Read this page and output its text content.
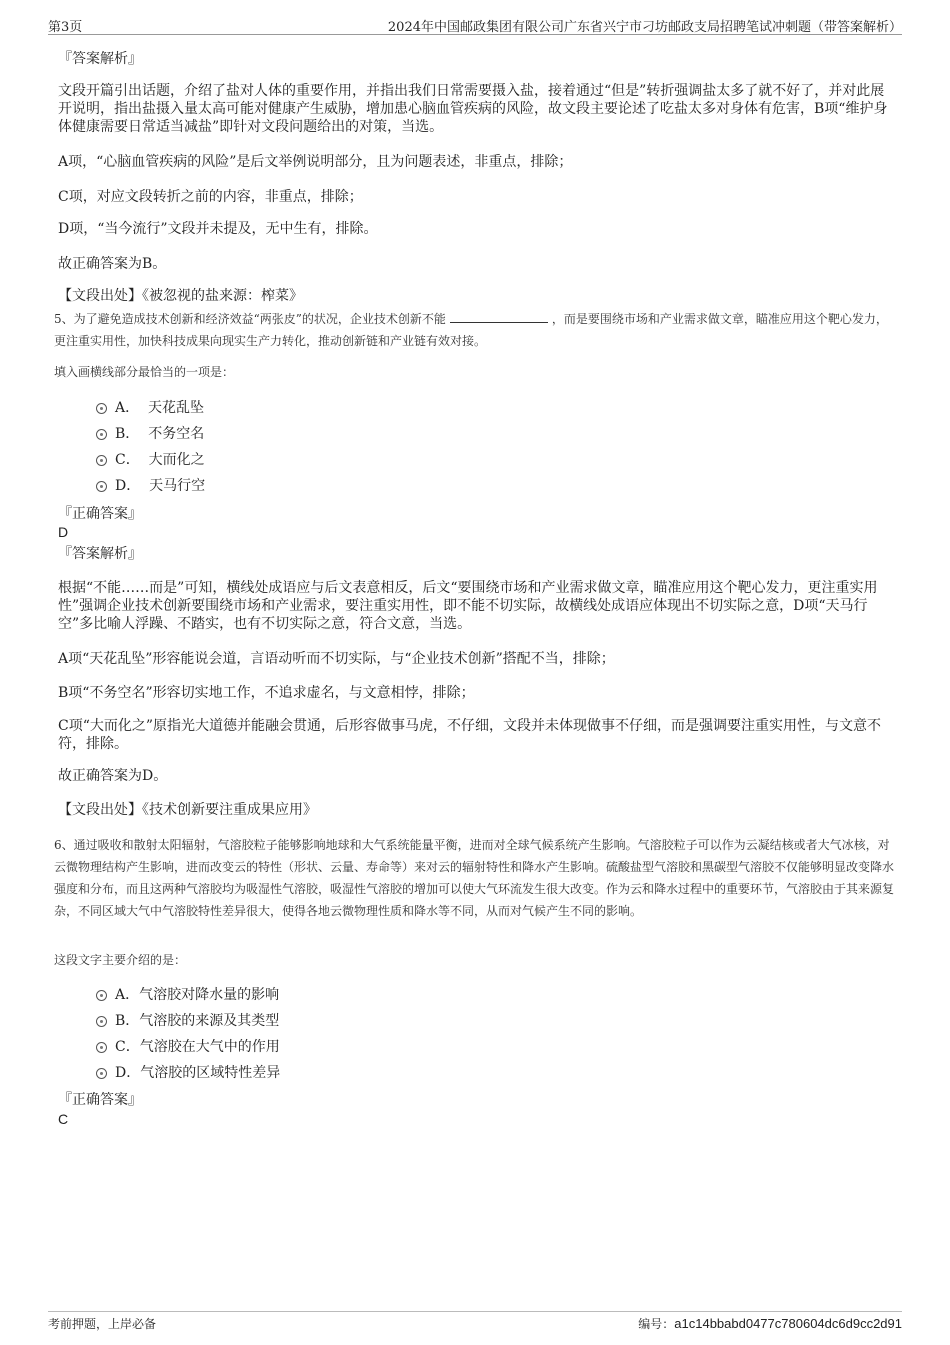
第3页	2024年中国邮政集团有限公司广东省兴宁市刁坊邮政支局招聘笔试冲刺题（带答案解析）

『答案解析』

文段开篇引出话题，介绍了盐对人体的重要作用，并指出我们日常需要摄入盐，接着通过“但是”转折强调盐太多了就不好了，并对此展开说明，指出盐摄入量太高可能对健康产生威胁，增加患心脑血管疾病的风险，故文段主要论述了吃盐太多对身体有危害，B项“维护身体健康需要日常适当减盐”即针对文段问题给出的对策，当选。

A项，“心脑血管疾病的风险”是后文举例说明部分，且为问题表述，非重点，排除；

C项，对应文段转折之前的内容，非重点，排除；

D项，“当今流行”文段并未提及，无中生有，排除。

故正确答案为B。

【文段出处】《被忽视的盐来源：榨菜》

5、为了避免造成技术创新和经济效益“两张皮”的状况，企业技术创新不能	，而是要围绕市场和产业需求做文章，瞄准应用这个靶心发力，更注重实用性，加快科技成果向现实生产力转化，推动创新链和产业链有效对接。

填入画横线部分最恰当的一项是：

A． 天花乱坠
B． 不务空名
C． 大而化之
D． 天马行空

『正确答案』

D

『答案解析』

根据“不能……而是”可知，横线处成语应与后文表意相反，后文“要围绕市场和产业需求做文章，瞄准应用这个靶心发力，更注重实用性”强调企业技术创新要围绕市场和产业需求，要注重实用性，即不能不切实际，故横线处成语应体现出不切实际之意，D项“天马行空”多比喻人浮躁、不踏实，也有不切实际之意，符合文意，当选。

A项“天花乱坠”形容能说会道，言语动听而不切实际，与“企业技术创新”搭配不当，排除；

B项“不务空名”形容切实地工作，不追求虚名，与文意相悖，排除；

C项“大而化之”原指光大道德并能融会贯通，后形容做事马虎，不仔细，文段并未体现做事不仔细，而是强调要注重实用性，与文意不符，排除。

故正确答案为D。

【文段出处】《技术创新要注重成果应用》

6、通过吸收和散射太阳辐射，气溶胶粒子能够影响地球和大气系统能量平衡，进而对全球气候系统产生影响。气溶胶粒子可以作为云凝结核或者大气冰核，对云微物理结构产生影响，进而改变云的特性（形状、云量、寿命等）来对云的辐射特性和降水产生影响。硫酸盐型气溶胶和黑碳型气溶胶不仅能够明显改变降水强度和分布，而且这两种气溶胶均为吸湿性气溶胶，吸湿性气溶胶的增加可以使大气环流发生很大改变。作为云和降水过程中的重要环节，气溶胶由于其来源复杂，不同区域大气中气溶胶特性差异很大，使得各地云微物理性质和降水等不同，从而对气候产生不同的影响。

这段文字主要介绍的是：

A．气溶胶对降水量的影响
B．气溶胶的来源及其类型
C．气溶胶在大气中的作用
D．气溶胶的区域特性差异

『正确答案』

C
考前押题，上岸必备	编号：a1c14bbabd0477c780604dc6d9cc2d91
